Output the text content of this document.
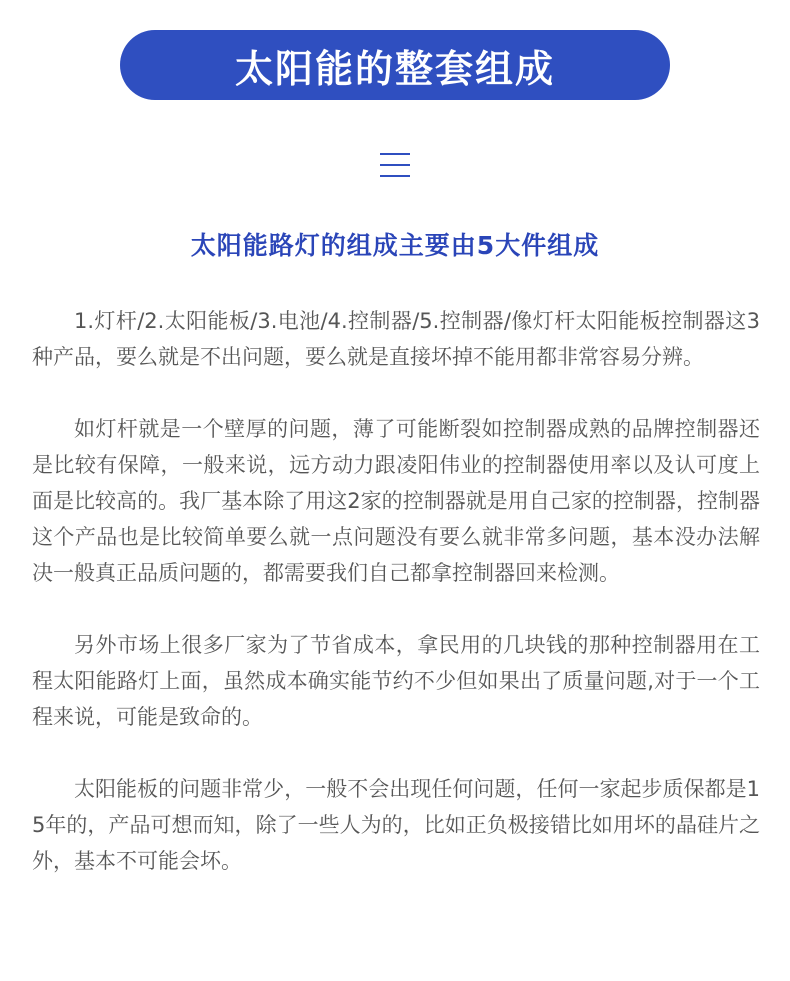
太阳能的整套组成
太阳能路灯的组成主要由5大件组成

1.灯杆/2.太阳能板/3.电池/4.控制器/5.控制器/像灯杆太阳能板控制器这3种产品，要么就是不出问题，要么就是直接坏掉不能用都非常容易分辨。

如灯杆就是一个壁厚的问题，薄了可能断裂如控制器成熟的品牌控制器还是比较有保障，一般来说，远方动力跟凌阳伟业的控制器使用率以及认可度上面是比较高的。我厂基本除了用这2家的控制器就是用自己家的控制器，控制器这个产品也是比较简单要么就一点问题没有要么就非常多问题，基本没办法解决一般真正品质问题的，都需要我们自己都拿控制器回来检测。

另外市场上很多厂家为了节省成本，拿民用的几块钱的那种控制器用在工程太阳能路灯上面，虽然成本确实能节约不少但如果出了质量问题,对于一个工程来说，可能是致命的。

太阳能板的问题非常少，一般不会出现任何问题，任何一家起步质保都是15年的，产品可想而知，除了一些人为的，比如正负极接错比如用坏的晶硅片之外，基本不可能会坏。
